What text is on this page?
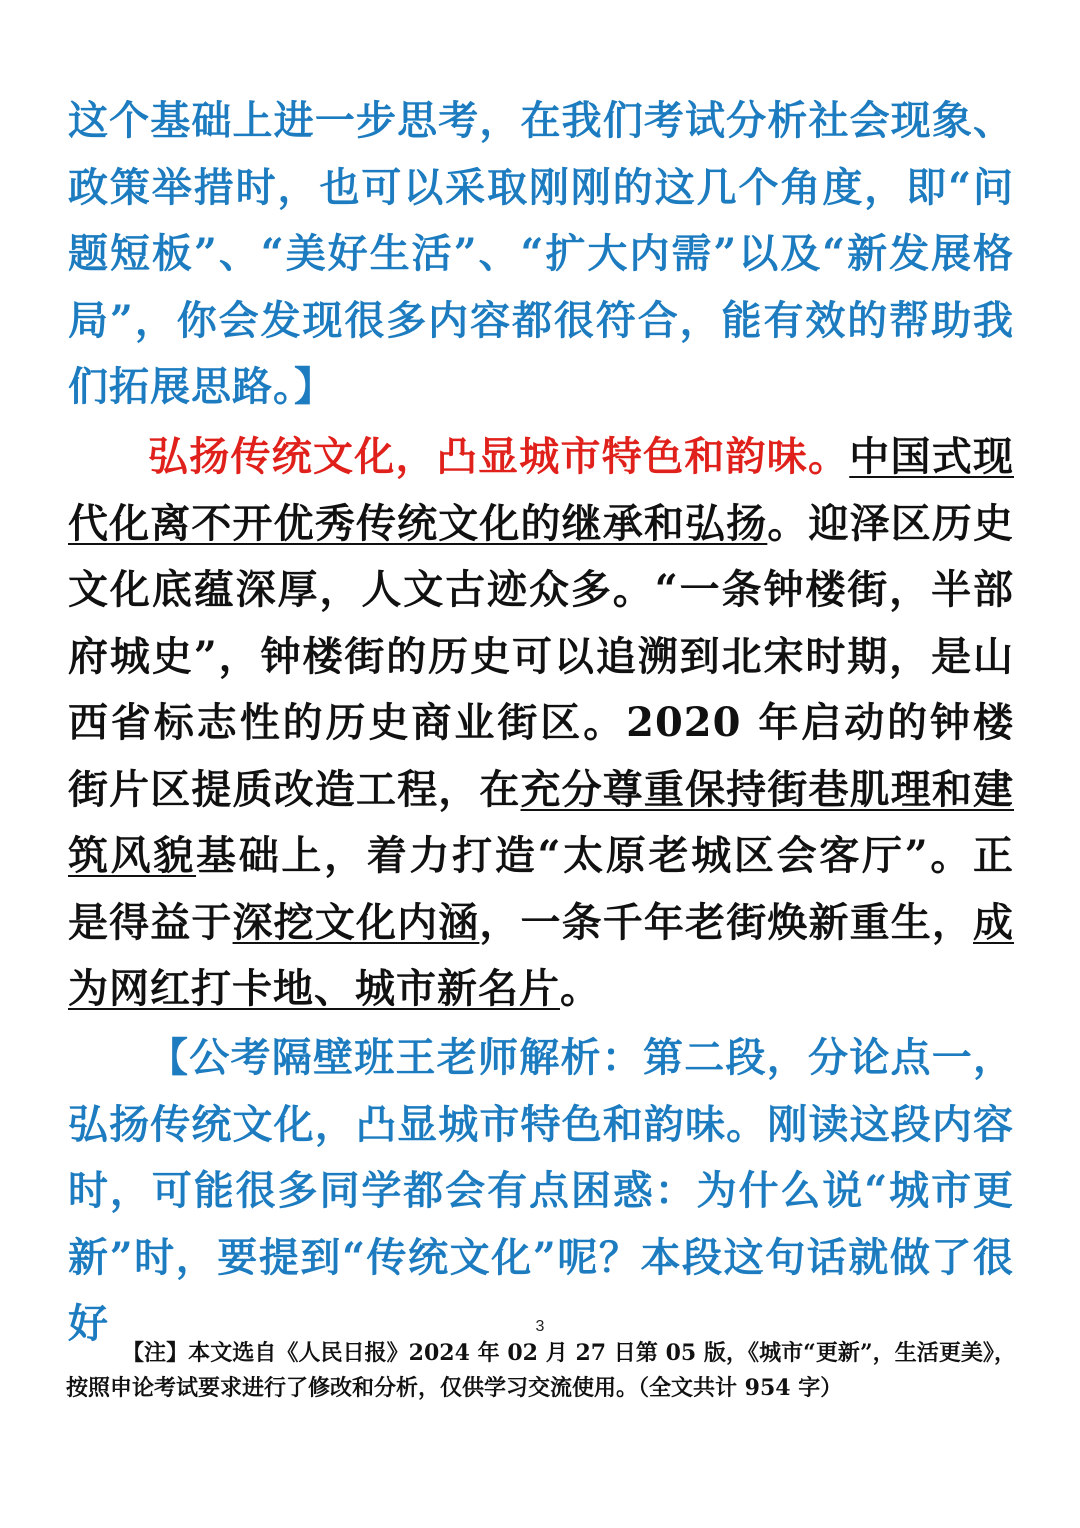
这个基础上进一步思考，在我们考试分析社会现象、政策举措时，也可以采取刚刚的这几个角度，即“问题短板”、“美好生活”、“扩大内需”以及“新发展格局”，你会发现很多内容都很符合，能有效的帮助我们拓展思路。】

弘扬传统文化，凸显城市特色和韵味。中国式现代化离不开优秀传统文化的继承和弘扬。迎泽区历史文化底蕴深厚，人文古迹众多。“一条钟楼街，半部府城史”，钟楼街的历史可以追溯到北宋时期，是山西省标志性的历史商业街区。2020 年启动的钟楼街片区提质改造工程，在充分尊重保持街巷肌理和建筑风貌基础上，着力打造“太原老城区会客厅”。正是得益于深挖文化内涵，一条千年老街焕新重生，成为网红打卡地、城市新名片。

【公考隔壁班王老师解析：第二段，分论点一，弘扬传统文化，凸显城市特色和韵味。刚读这段内容时，可能很多同学都会有点困惑：为什么说“城市更新”时，要提到“传统文化”呢？本段这句话就做了很好	3

【注】本文选自《人民日报》2024 年 02 月 27 日第 05 版，《城市“更新”，生活更美》，按照申论考试要求进行了修改和分析，仅供学习交流使用。（全文共计 954 字）
